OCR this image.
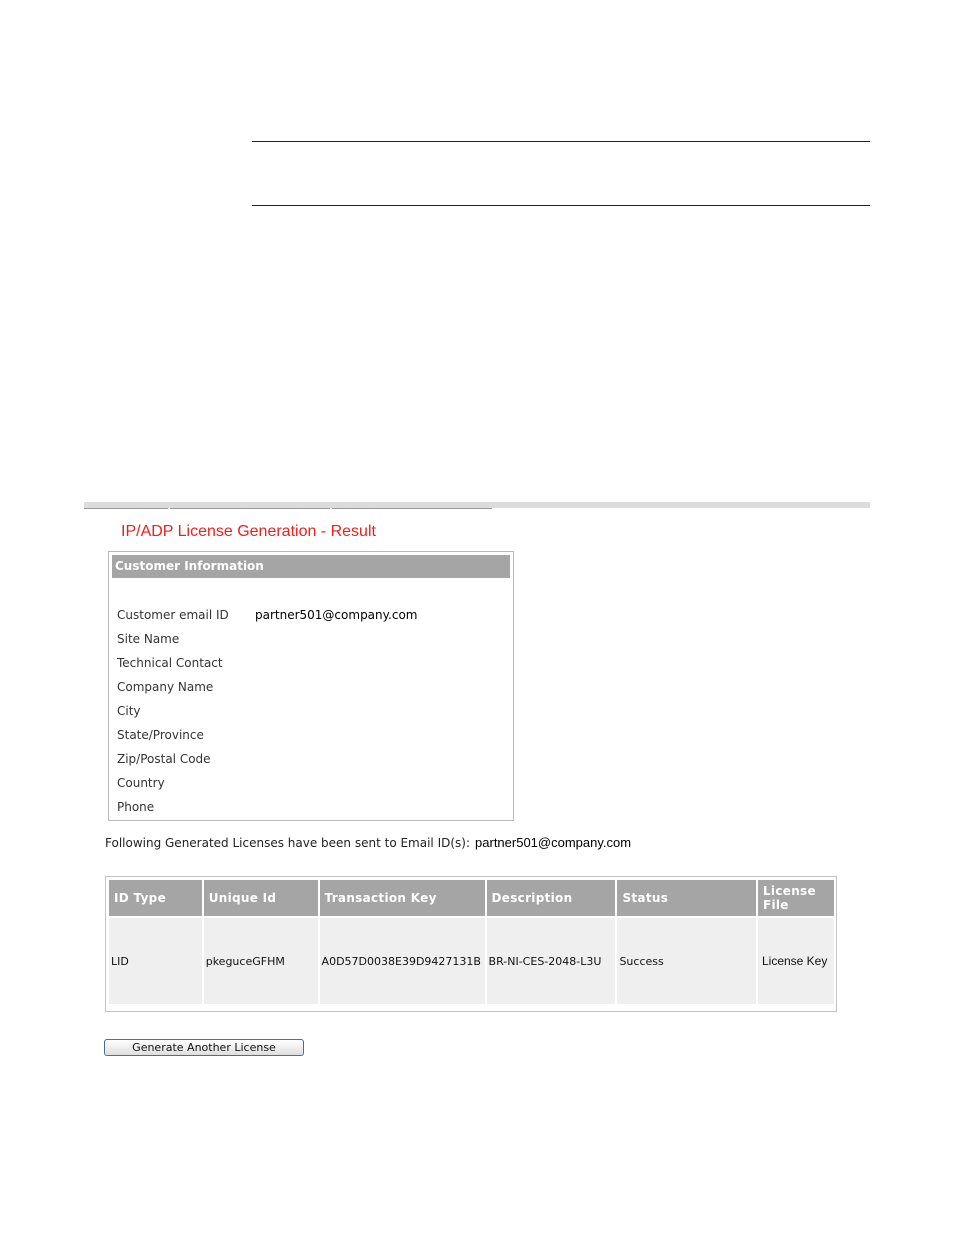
IP/ADP License Generation - Result
Customer Information
Customer email ID partner501@company.com
Site Name
Technical Contact
Company Name
City
State/Province
Zip/Postal Code
Country
Phone
Following Generated Licenses have been sent to Email ID(s): partner501@company.com
ID Type	Unique Id	Transaction Key	Description	Status	License File
LID	pkeguceGFHM	A0D57D0038E39D9427131B	BR-NI-CES-2048-L3U	Success	License Key
Generate Another License
